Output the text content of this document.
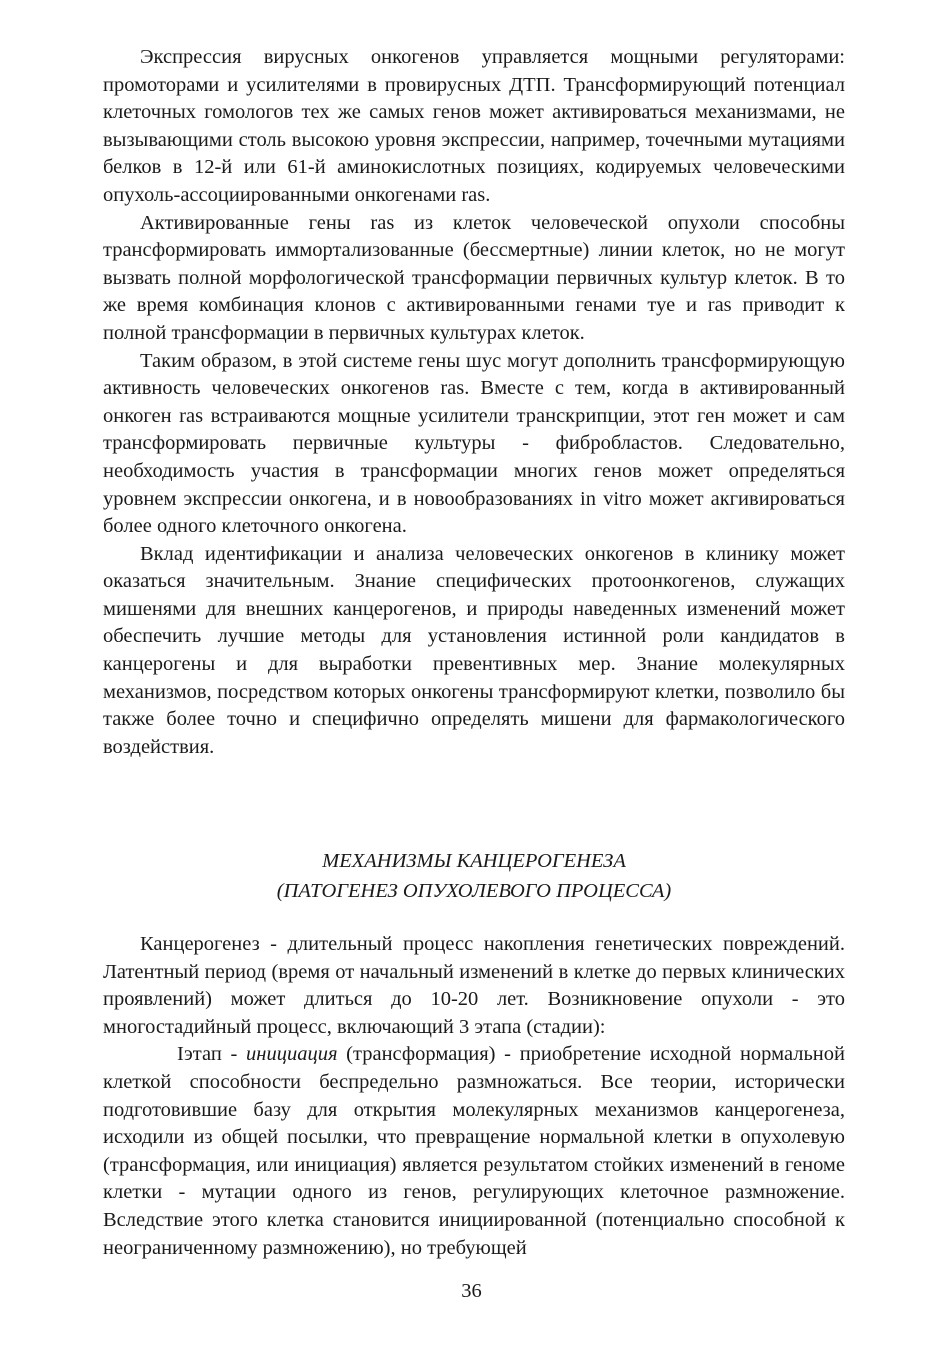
Экспрессия вирусных онкогенов управляется мощными регуляторами: промоторами и усилителями в провирусных ДТП. Трансформирующий потенциал клеточных гомологов тех же самых генов может активироваться механизмами, не вызывающими столь высокою уровня экспрессии, например, точечными мутациями белков в 12-й или 61-й аминокислотных позициях, кодируемых человеческими опухоль-ассоциированными онкогенами ras.

Активированные гены ras из клеток человеческой опухоли способны трансформировать иммортализованные (бессмертные) линии клеток, но не могут вызвать полной морфологической трансформации первичных культур клеток. В то же время комбинация клонов с активированными генами туе и ras приводит к полной трансформации в первичных культурах клеток.

Таким образом, в этой системе гены шус могут дополнить трансформирующую активность человеческих онкогенов ras. Вместе с тем, когда в активированный онкоген ras встраиваются мощные усилители транскрипции, этот ген может и сам трансформировать первичные культуры - фибробластов. Следовательно, необходимость участия в трансформации многих генов может определяться уровнем экспрессии онкогена, и в новообразованиях in vitro может акгивироваться более одного клеточного онкогена.

Вклад идентификации и анализа человеческих онкогенов в клинику может оказаться значительным. Знание специфических протоонкогенов, служащих мишенями для внешних канцерогенов, и природы наведенных изменений может обеспечить лучшие методы для установления истинной роли кандидатов в канцерогены и для выработки превентивных мер. Знание молекулярных механизмов, посредством которых онкогены трансформируют клетки, позволило бы также более точно и специфично определять мишени для фармакологического воздействия.

МЕХАНИЗМЫ КАНЦЕРОГЕНЕЗА
(ПАТОГЕНЕЗ ОПУХОЛЕВОГО ПРОЦЕССА)

Канцерогенез - длительный процесс накопления генетических повреждений. Латентный период (время от начальный изменений в клетке до первых клинических проявлений) может длиться до 10-20 лет. Возникновение опухоли - это многостадийный процесс, включающий 3 этапа (стадии):

Iэтап - инициация (трансформация) - приобретение исходной нормальной клеткой способности беспредельно размножаться. Все теории, исторически подготовившие базу для открытия молекулярных механизмов канцерогенеза, исходили из общей посылки, что превращение нормальной клетки в опухолевую (трансформация, или инициация) является результатом стойких изменений в геноме клетки - мутации одного из генов, регулирующих клеточное размножение. Вследствие этого клетка становится инициированной (потенциально способной к неограниченному размножению), но требующей

36
